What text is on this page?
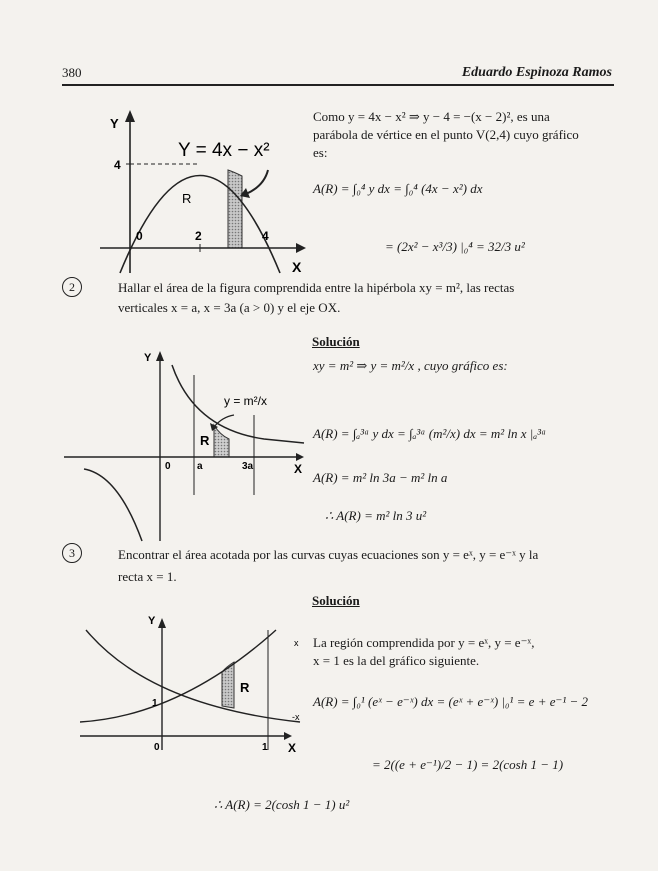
380	Eduardo Espinoza Ramos
Y = 4x − x²
Y
X
R
4
0	2	4
Como y = 4x − x² ⇒ y − 4 = −(x − 2)², es una
parábola de vértice en el punto V(2,4) cuyo gráfico
es:
A(R) = ∫₀⁴ y dx = ∫₀⁴ (4x − x²) dx
= (2x² − x³/3) |₀⁴ = 32/3 u²
2	Hallar el área de la figura comprendida entre la hipérbola xy = m², las rectas
verticales x = a, x = 3a (a > 0) y el eje OX.
Solución
y = m²/x
Y
X
R
0	a	3a
xy = m² ⇒ y = m²/x , cuyo gráfico es:
A(R) = ∫ₐ³ᵃ y dx = ∫ₐ³ᵃ (m²/x) dx = m² ln x |ₐ³ᵃ
A(R) = m² ln 3a − m² ln a
∴ A(R) = m² ln 3 u²
3	Encontrar el área acotada por las curvas cuyas ecuaciones son y = eˣ, y = e⁻ˣ y la
recta x = 1.
Solución
Y
X
R
0	1
1
x
-x
La región comprendida por y = eˣ, y = e⁻ˣ,
x = 1 es la del gráfico siguiente.
A(R) = ∫₀¹ (eˣ − e⁻ˣ) dx = (eˣ + e⁻ˣ) |₀¹ = e + e⁻¹ − 2
= 2((e + e⁻¹)/2 − 1) = 2(cosh 1 − 1)
∴ A(R) = 2(cosh 1 − 1) u²
